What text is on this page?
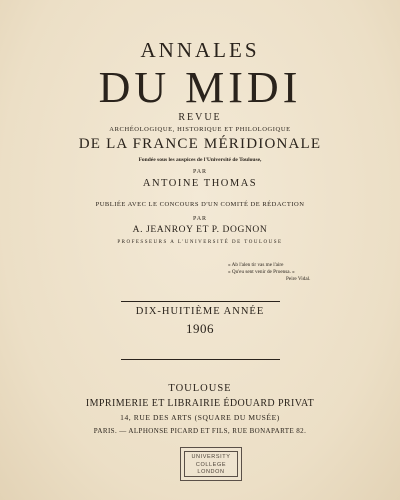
ANNALES
DU MIDI
REVUE
ARCHÉOLOGIQUE, HISTORIQUE ET PHILOLOGIQUE
DE LA FRANCE MÉRIDIONALE
Fondée sous les auspices de l'Université de Toulouse,
PAR
ANTOINE THOMAS
PUBLIÉE AVEC LE CONCOURS D'UN COMITÉ DE RÉDACTION
PAR
A. JEANROY ET P. DOGNON
PROFESSEURS A L'UNIVERSITÉ DE TOULOUSE
« Ab l'alen tir vas me l'aire
« Qu'eu sent venir de Proensa. »
Peire Vidal.
DIX-HUITIÈME ANNÉE
1906
TOULOUSE
IMPRIMERIE ET LIBRAIRIE ÉDOUARD PRIVAT
14, RUE DES ARTS (SQUARE DU MUSÉE)
PARIS. — ALPHONSE PICARD ET FILS, RUE BONAPARTE 82.
UNIVERSITY
COLLEGE
LONDON
